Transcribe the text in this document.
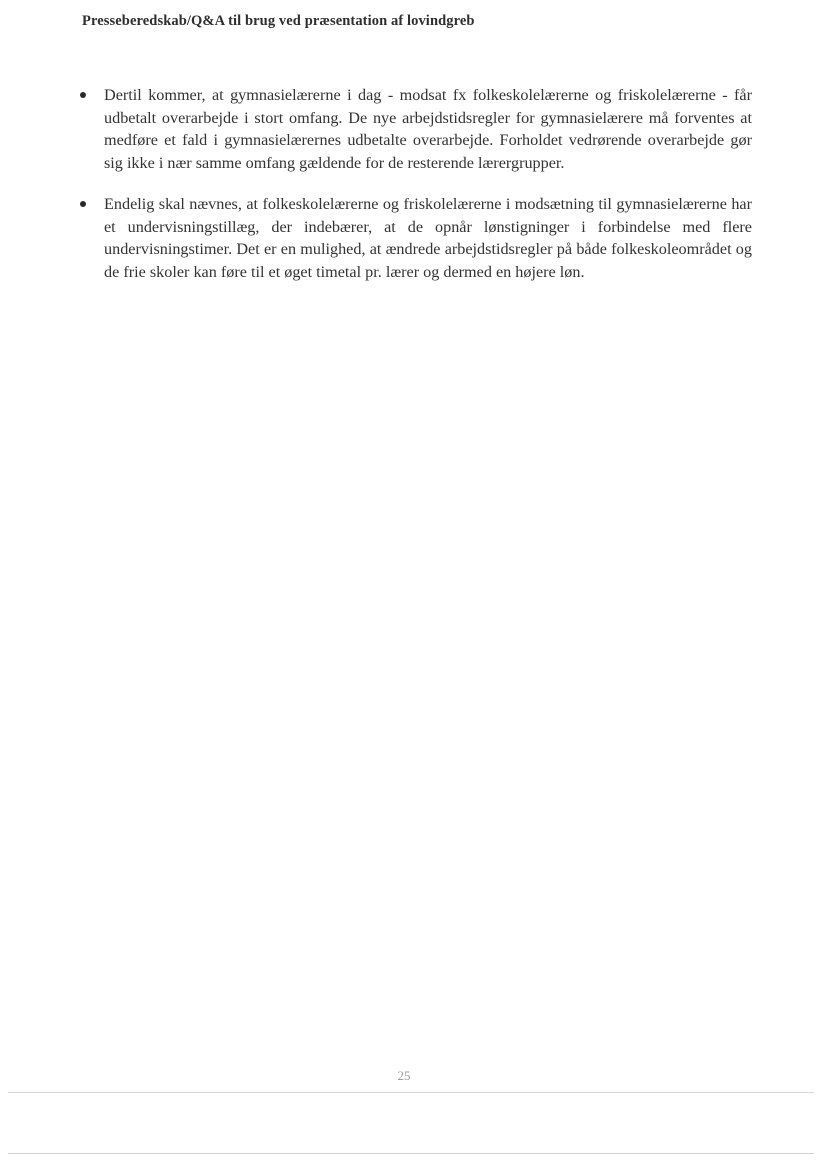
Presseberedskab/Q&A til brug ved præsentation af lovindgreb
Dertil kommer, at gymnasielærerne i dag - modsat fx folkeskolelærerne og friskolelærerne - får udbetalt overarbejde i stort omfang. De nye arbejdstidsregler for gymnasielærere må forventes at medføre et fald i gymnasielærernes udbetalte overarbejde. Forholdet vedrørende overarbejde gør sig ikke i nær samme omfang gældende for de resterende lærergrupper.
Endelig skal nævnes, at folkeskolelærerne og friskolelærerne i modsætning til gymnasielærerne har et undervisningstillæg, der indebærer, at de opnår lønstigninger i forbindelse med flere undervisningstimer. Det er en mulighed, at ændrede arbejdstidsregler på både folkeskoleområdet og de frie skoler kan føre til et øget timetal pr. lærer og dermed en højere løn.
25
